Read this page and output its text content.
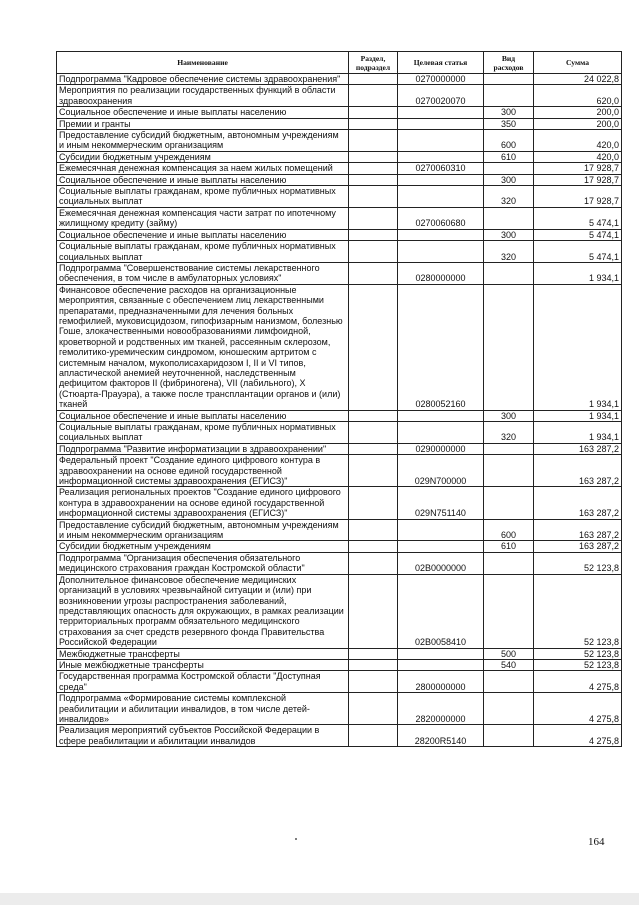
Наименование	Раздел, подраздел	Целевая статья	Вид расходов	Сумма
Подпрограмма "Кадровое обеспечение системы здравоохранения"		0270000000		24 022,8
Мероприятия по реализации государственных функций в области здравоохранения		0270020070		620,0
Социальное обеспечение и иные выплаты населению			300	200,0
Премии и гранты			350	200,0
Предоставление субсидий бюджетным, автономным учреждениям и иным некоммерческим организациям			600	420,0
Субсидии бюджетным учреждениям			610	420,0
Ежемесячная денежная компенсация за наем жилых помещений		0270060310		17 928,7
Социальное обеспечение и иные выплаты населению			300	17 928,7
Социальные выплаты гражданам, кроме публичных нормативных социальных выплат			320	17 928,7
Ежемесячная денежная компенсация части затрат по ипотечному жилищному кредиту (займу)		0270060680		5 474,1
Социальное обеспечение и иные выплаты населению			300	5 474,1
Социальные выплаты гражданам, кроме публичных нормативных социальных выплат			320	5 474,1
Подпрограмма "Совершенствование системы лекарственного обеспечения, в том числе в амбулаторных условиях"		0280000000		1 934,1
Финансовое обеспечение расходов на организационные мероприятия, связанные с обеспечением лиц лекарственными препаратами, предназначенными для лечения больных гемофилией, муковисцидозом, гипофизарным нанизмом, болезнью Гоше, злокачественными новообразованиями лимфоидной, кроветворной и родственных им тканей, рассеянным склерозом, гемолитико-уремическим синдромом, юношеским артритом с системным началом, мукополисахаридозом I, II и VI типов, апластической анемией неуточненной, наследственным дефицитом факторов II (фибриногена), VII (лабильного), X (Стюарта-Прауэра), а также после трансплантации органов и (или) тканей		0280052160		1 934,1
Социальное обеспечение и иные выплаты населению			300	1 934,1
Социальные выплаты гражданам, кроме публичных нормативных социальных выплат			320	1 934,1
Подпрограмма "Развитие информатизации в здравоохранении"		0290000000		163 287,2
Федеральный проект "Создание единого цифрового контура в здравоохранении на основе единой государственной информационной системы здравоохранения (ЕГИСЗ)"		029N700000		163 287,2
Реализация региональных проектов "Создание единого цифрового контура в здравоохранении на основе единой государственной информационной системы здравоохранения (ЕГИСЗ)"		029N751140		163 287,2
Предоставление субсидий бюджетным, автономным учреждениям и иным некоммерческим организациям			600	163 287,2
Субсидии бюджетным учреждениям			610	163 287,2
Подпрограмма "Организация обеспечения обязательного медицинского страхования граждан Костромской области"		02В0000000		52 123,8
Дополнительное финансовое обеспечение медицинских организаций в условиях чрезвычайной ситуации и (или) при возникновении угрозы распространения заболеваний, представляющих опасность для окружающих, в рамках реализации территориальных программ обязательного медицинского страхования за счет средств резервного фонда Правительства Российской Федерации		02В0058410		52 123,8
Межбюджетные трансферты			500	52 123,8
Иные межбюджетные трансферты			540	52 123,8
Государственная программа Костромской области "Доступная среда"		2800000000		4 275,8
Подпрограмма «Формирование системы комплексной реабилитации и абилитации инвалидов, в том числе детей-инвалидов»		2820000000		4 275,8
Реализация мероприятий субъектов Российской Федерации в сфере реабилитации и абилитации инвалидов		28200R5140		4 275,8
164
